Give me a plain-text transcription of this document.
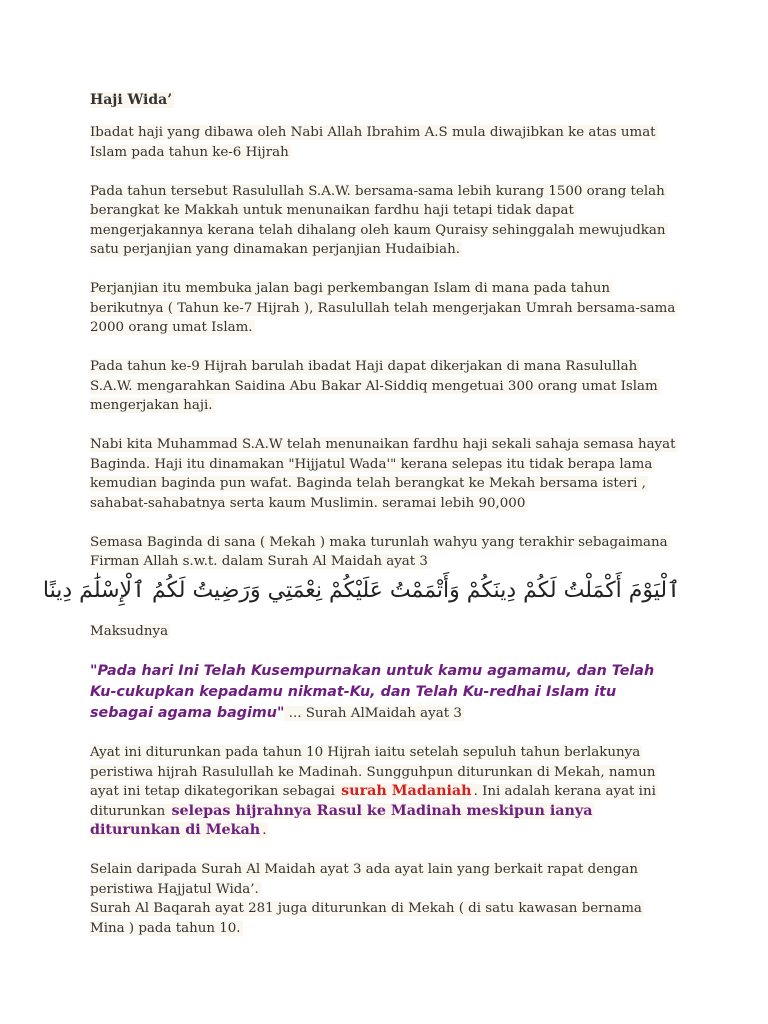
Haji Wida’

Ibadat haji yang dibawa oleh Nabi Allah Ibrahim A.S mula diwajibkan ke atas umat Islam pada tahun ke-6 Hijrah

Pada tahun tersebut Rasulullah S.A.W. bersama-sama lebih kurang 1500 orang telah berangkat ke Makkah untuk menunaikan fardhu haji tetapi tidak dapat mengerjakannya kerana telah dihalang oleh kaum Quraisy sehinggalah mewujudkan satu perjanjian yang dinamakan perjanjian Hudaibiah.

Perjanjian itu membuka jalan bagi perkembangan Islam di mana pada tahun berikutnya ( Tahun ke-7 Hijrah ), Rasulullah telah mengerjakan Umrah bersama-sama 2000 orang umat Islam.

Pada tahun ke-9 Hijrah barulah ibadat Haji dapat dikerjakan di mana Rasulullah S.A.W. mengarahkan Saidina Abu Bakar Al-Siddiq mengetuai 300 orang umat Islam mengerjakan haji.

Nabi kita Muhammad S.A.W telah menunaikan fardhu haji sekali sahaja semasa hayat Baginda. Haji itu dinamakan "Hijjatul Wada'" kerana selepas itu tidak berapa lama kemudian baginda pun wafat. Baginda telah berangkat ke Mekah bersama isteri , sahabat-sahabatnya serta kaum Muslimin. seramai lebih 90,000

Semasa Baginda di sana ( Mekah ) maka turunlah wahyu yang terakhir sebagaimana Firman Allah s.w.t. dalam Surah Al Maidah ayat 3

ٱلْيَوْمَ أَكْمَلْتُ لَكُمْ دِينَكُمْ وَأَتْمَمْتُ عَلَيْكُمْ نِعْمَتِي وَرَضِيتُ لَكُمُ ٱلْإِسْلَٰمَ دِينًا

Maksudnya

"Pada hari Ini Telah Kusempurnakan untuk kamu agamamu, dan Telah Ku-cukupkan kepadamu nikmat-Ku, dan Telah Ku-redhai Islam itu sebagai agama bagimu" ... Surah AlMaidah ayat 3

Ayat ini diturunkan pada tahun 10 Hijrah iaitu setelah sepuluh tahun berlakunya peristiwa hijrah Rasulullah ke Madinah. Sungguhpun diturunkan di Mekah, namun ayat ini tetap dikategorikan sebagai surah Madaniah . Ini adalah kerana ayat ini diturunkan selepas hijrahnya Rasul ke Madinah meskipun ianya diturunkan di Mekah .

Selain daripada Surah Al Maidah ayat 3 ada ayat lain yang berkait rapat dengan peristiwa Hajjatul Wida’.
Surah Al Baqarah ayat 281 juga diturunkan di Mekah ( di satu kawasan bernama Mina ) pada tahun 10.
